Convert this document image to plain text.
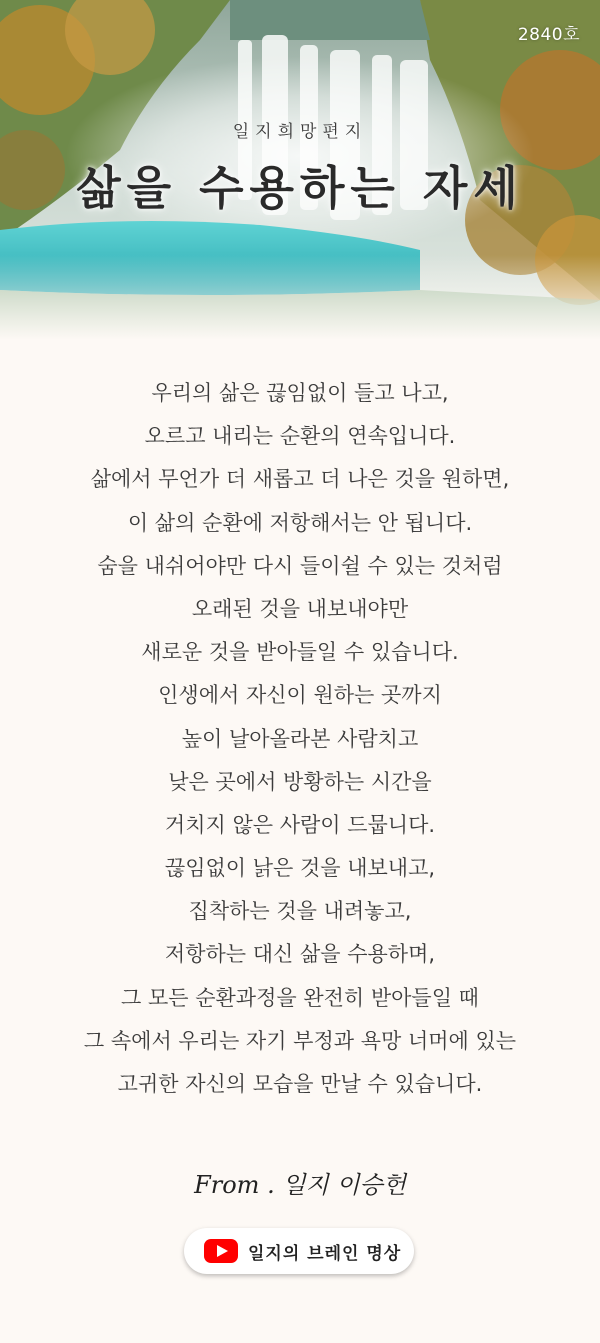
2840호
일지희망편지
삶을 수용하는 자세
우리의 삶은 끊임없이 들고 나고,
오르고 내리는 순환의 연속입니다.
삶에서 무언가 더 새롭고 더 나은 것을 원하면,
이 삶의 순환에 저항해서는 안 됩니다.
숨을 내쉬어야만 다시 들이쉴 수 있는 것처럼
오래된 것을 내보내야만
새로운 것을 받아들일 수 있습니다.
인생에서 자신이 원하는 곳까지
높이 날아올라본 사람치고
낮은 곳에서 방황하는 시간을
거치지 않은 사람이 드뭅니다.
끊임없이 낡은 것을 내보내고,
집착하는 것을 내려놓고,
저항하는 대신 삶을 수용하며,
그 모든 순환과정을 완전히 받아들일 때
그 속에서 우리는 자기 부정과 욕망 너머에 있는
고귀한 자신의 모습을 만날 수 있습니다.
From . 일지 이승헌
일지의 브레인 명상
